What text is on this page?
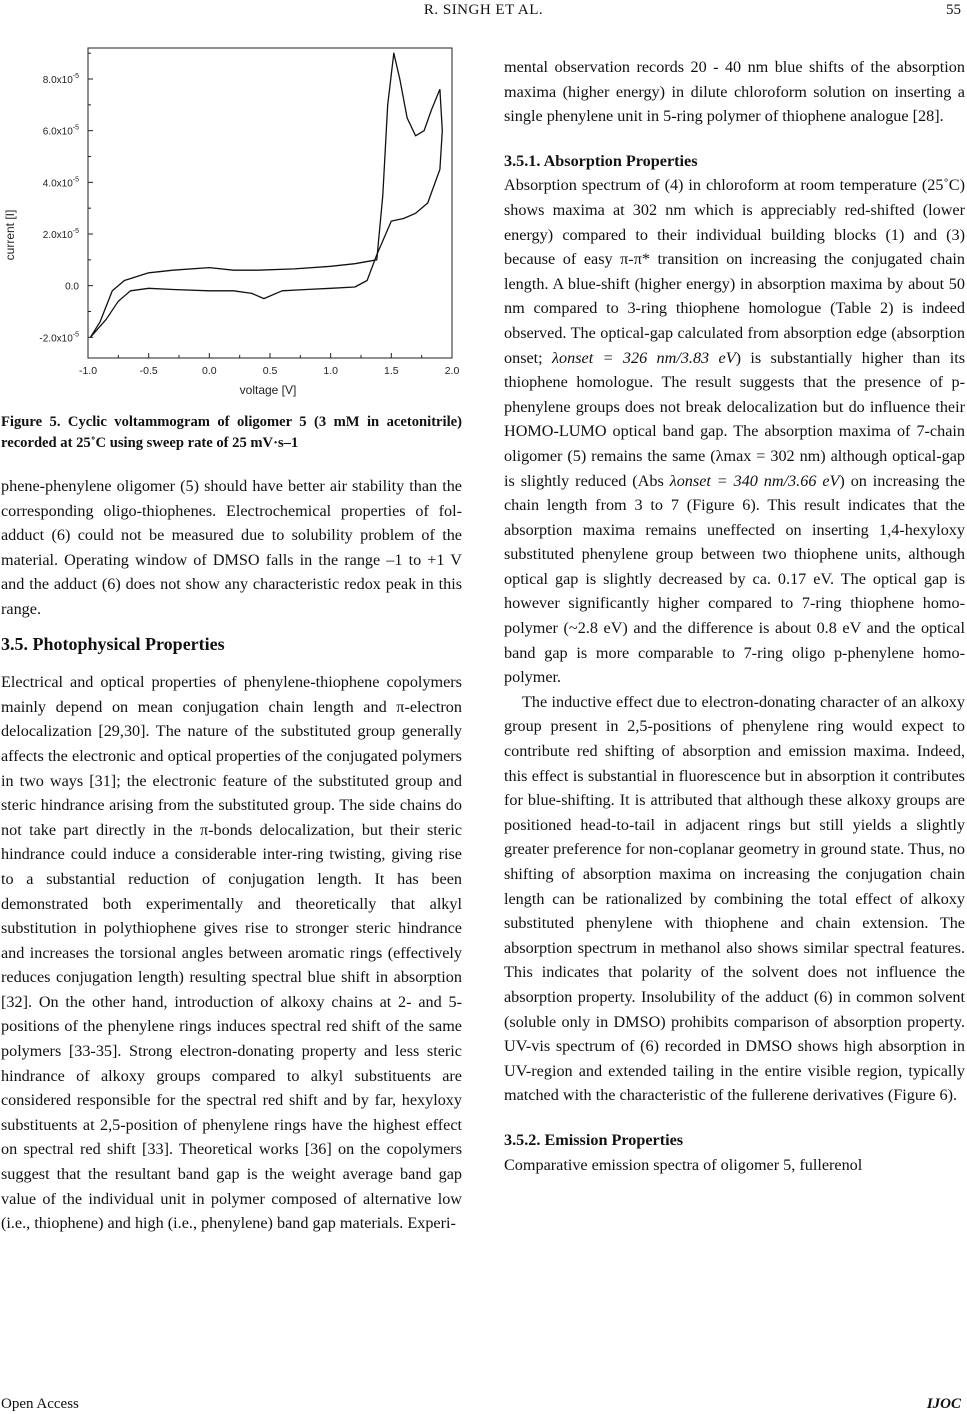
R. SINGH ET AL.	55
-1.0	-0.5	0.0	0.5	1.0	1.5	2.0
$-2.0x10^{-5}$
0.0
$2.0x10^{-5}$
$4.0x10^{-5}$
$6.0x10^{-5}$
$8.0x10^{-5}$
current [I]
voltage [V]
Figure 5. Cyclic voltammogram of oligomer 5 (3 mM in acetonitrile) recorded at 25˚C using sweep rate of 25 mV·s–1

phene-phenylene oligomer (5) should have better air stability than the corresponding oligo-thiophenes. Electrochemical properties of fol-adduct (6) could not be measured due to solubility problem of the material. Operating window of DMSO falls in the range –1 to +1 V and the adduct (6) does not show any characteristic redox peak in this range.

3.5. Photophysical Properties

Electrical and optical properties of phenylene-thiophene copolymers mainly depend on mean conjugation chain length and π-electron delocalization [29,30]. The nature of the substituted group generally affects the electronic and optical properties of the conjugated polymers in two ways [31]; the electronic feature of the substituted group and steric hindrance arising from the substituted group. The side chains do not take part directly in the π-bonds delocalization, but their steric hindrance could induce a considerable inter-ring twisting, giving rise to a substantial reduction of conjugation length. It has been demonstrated both experimentally and theoretically that alkyl substitution in polythiophene gives rise to stronger steric hindrance and increases the torsional angles between aromatic rings (effectively reduces conjugation length) resulting spectral blue shift in absorption [32]. On the other hand, introduction of alkoxy chains at 2- and 5-positions of the phenylene rings induces spectral red shift of the same polymers [33-35]. Strong electron-donating property and less steric hindrance of alkoxy groups compared to alkyl substituents are considered responsible for the spectral red shift and by far, hexyloxy substituents at 2,5-position of phenylene rings have the highest effect on spectral red shift [33]. Theoretical works [36] on the copolymers suggest that the resultant band gap is the weight average band gap value of the individual unit in polymer composed of alternative low (i.e., thiophene) and high (i.e., phenylene) band gap materials. Experi-

mental observation records 20 - 40 nm blue shifts of the absorption maxima (higher energy) in dilute chloroform solution on inserting a single phenylene unit in 5-ring polymer of thiophene analogue [28].

3.5.1. Absorption Properties

Absorption spectrum of (4) in chloroform at room temperature (25˚C) shows maxima at 302 nm which is appreciably red-shifted (lower energy) compared to their individual building blocks (1) and (3) because of easy π-π* transition on increasing the conjugated chain length. A blue-shift (higher energy) in absorption maxima by about 50 nm compared to 3-ring thiophene homologue (Table 2) is indeed observed. The optical-gap calculated from absorption edge (absorption onset; λonset = 326 nm/3.83 eV) is substantially higher than its thiophene homologue. The result suggests that the presence of p-phenylene groups does not break delocalization but do influence their HOMO-LUMO optical band gap. The absorption maxima of 7-chain oligomer (5) remains the same (λmax = 302 nm) although optical-gap is slightly reduced (Abs λonset = 340 nm/3.66 eV) on increasing the chain length from 3 to 7 (Figure 6). This result indicates that the absorption maxima remains uneffected on inserting 1,4-hexyloxy substituted phenylene group between two thiophene units, although optical gap is slightly decreased by ca. 0.17 eV. The optical gap is however significantly higher compared to 7-ring thiophene homo-polymer (~2.8 eV) and the difference is about 0.8 eV and the optical band gap is more comparable to 7-ring oligo p-phenylene homo-polymer.

The inductive effect due to electron-donating character of an alkoxy group present in 2,5-positions of phenylene ring would expect to contribute red shifting of absorption and emission maxima. Indeed, this effect is substantial in fluorescence but in absorption it contributes for blue-shifting. It is attributed that although these alkoxy groups are positioned head-to-tail in adjacent rings but still yields a slightly greater preference for non-coplanar geometry in ground state. Thus, no shifting of absorption maxima on increasing the conjugation chain length can be rationalized by combining the total effect of alkoxy substituted phenylene with thiophene and chain extension. The absorption spectrum in methanol also shows similar spectral features. This indicates that polarity of the solvent does not influence the absorption property. Insolubility of the adduct (6) in common solvent (soluble only in DMSO) prohibits comparison of absorption property. UV-vis spectrum of (6) recorded in DMSO shows high absorption in UV-region and extended tailing in the entire visible region, typically matched with the characteristic of the fullerene derivatives (Figure 6).

3.5.2. Emission Properties

Comparative emission spectra of oligomer 5, fullerenol

Open Access	IJOC
